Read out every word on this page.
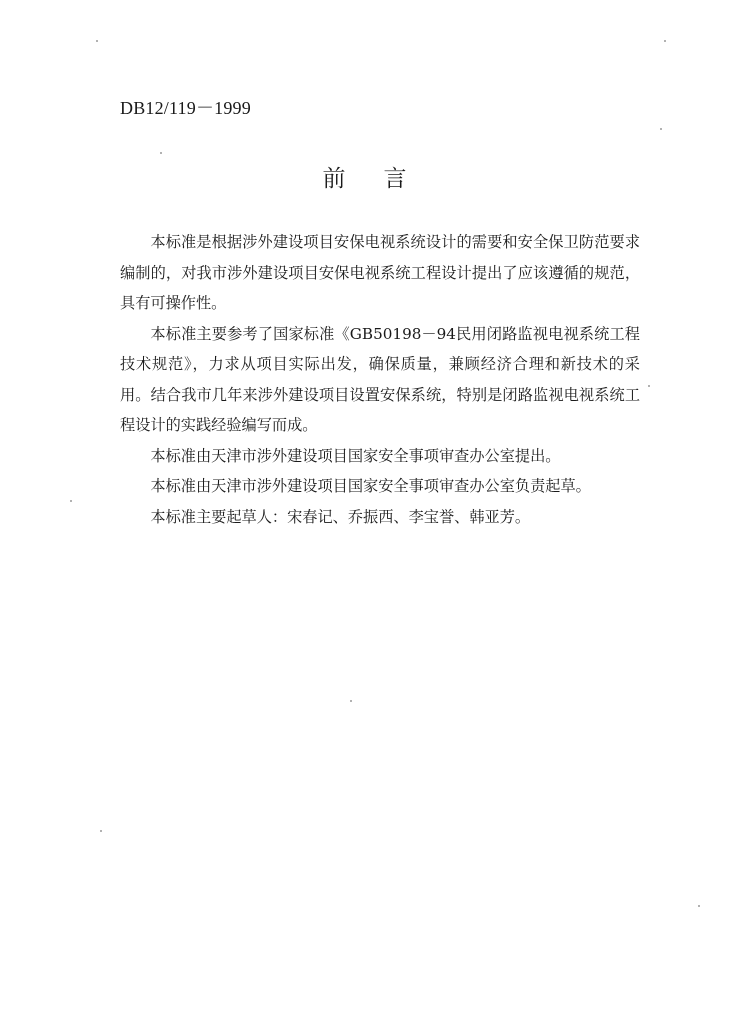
DB12/119－1999
前言

本标准是根据涉外建设项目安保电视系统设计的需要和安全保卫防范要求编制的，对我市涉外建设项目安保电视系统工程设计提出了应该遵循的规范，具有可操作性。

本标准主要参考了国家标准《GB50198－94民用闭路监视电视系统工程技术规范》，力求从项目实际出发，确保质量，兼顾经济合理和新技术的采用。结合我市几年来涉外建设项目设置安保系统，特别是闭路监视电视系统工程设计的实践经验编写而成。

本标准由天津市涉外建设项目国家安全事项审查办公室提出。

本标准由天津市涉外建设项目国家安全事项审查办公室负责起草。

本标准主要起草人：宋春记、乔振西、李宝誉、韩亚芳。
